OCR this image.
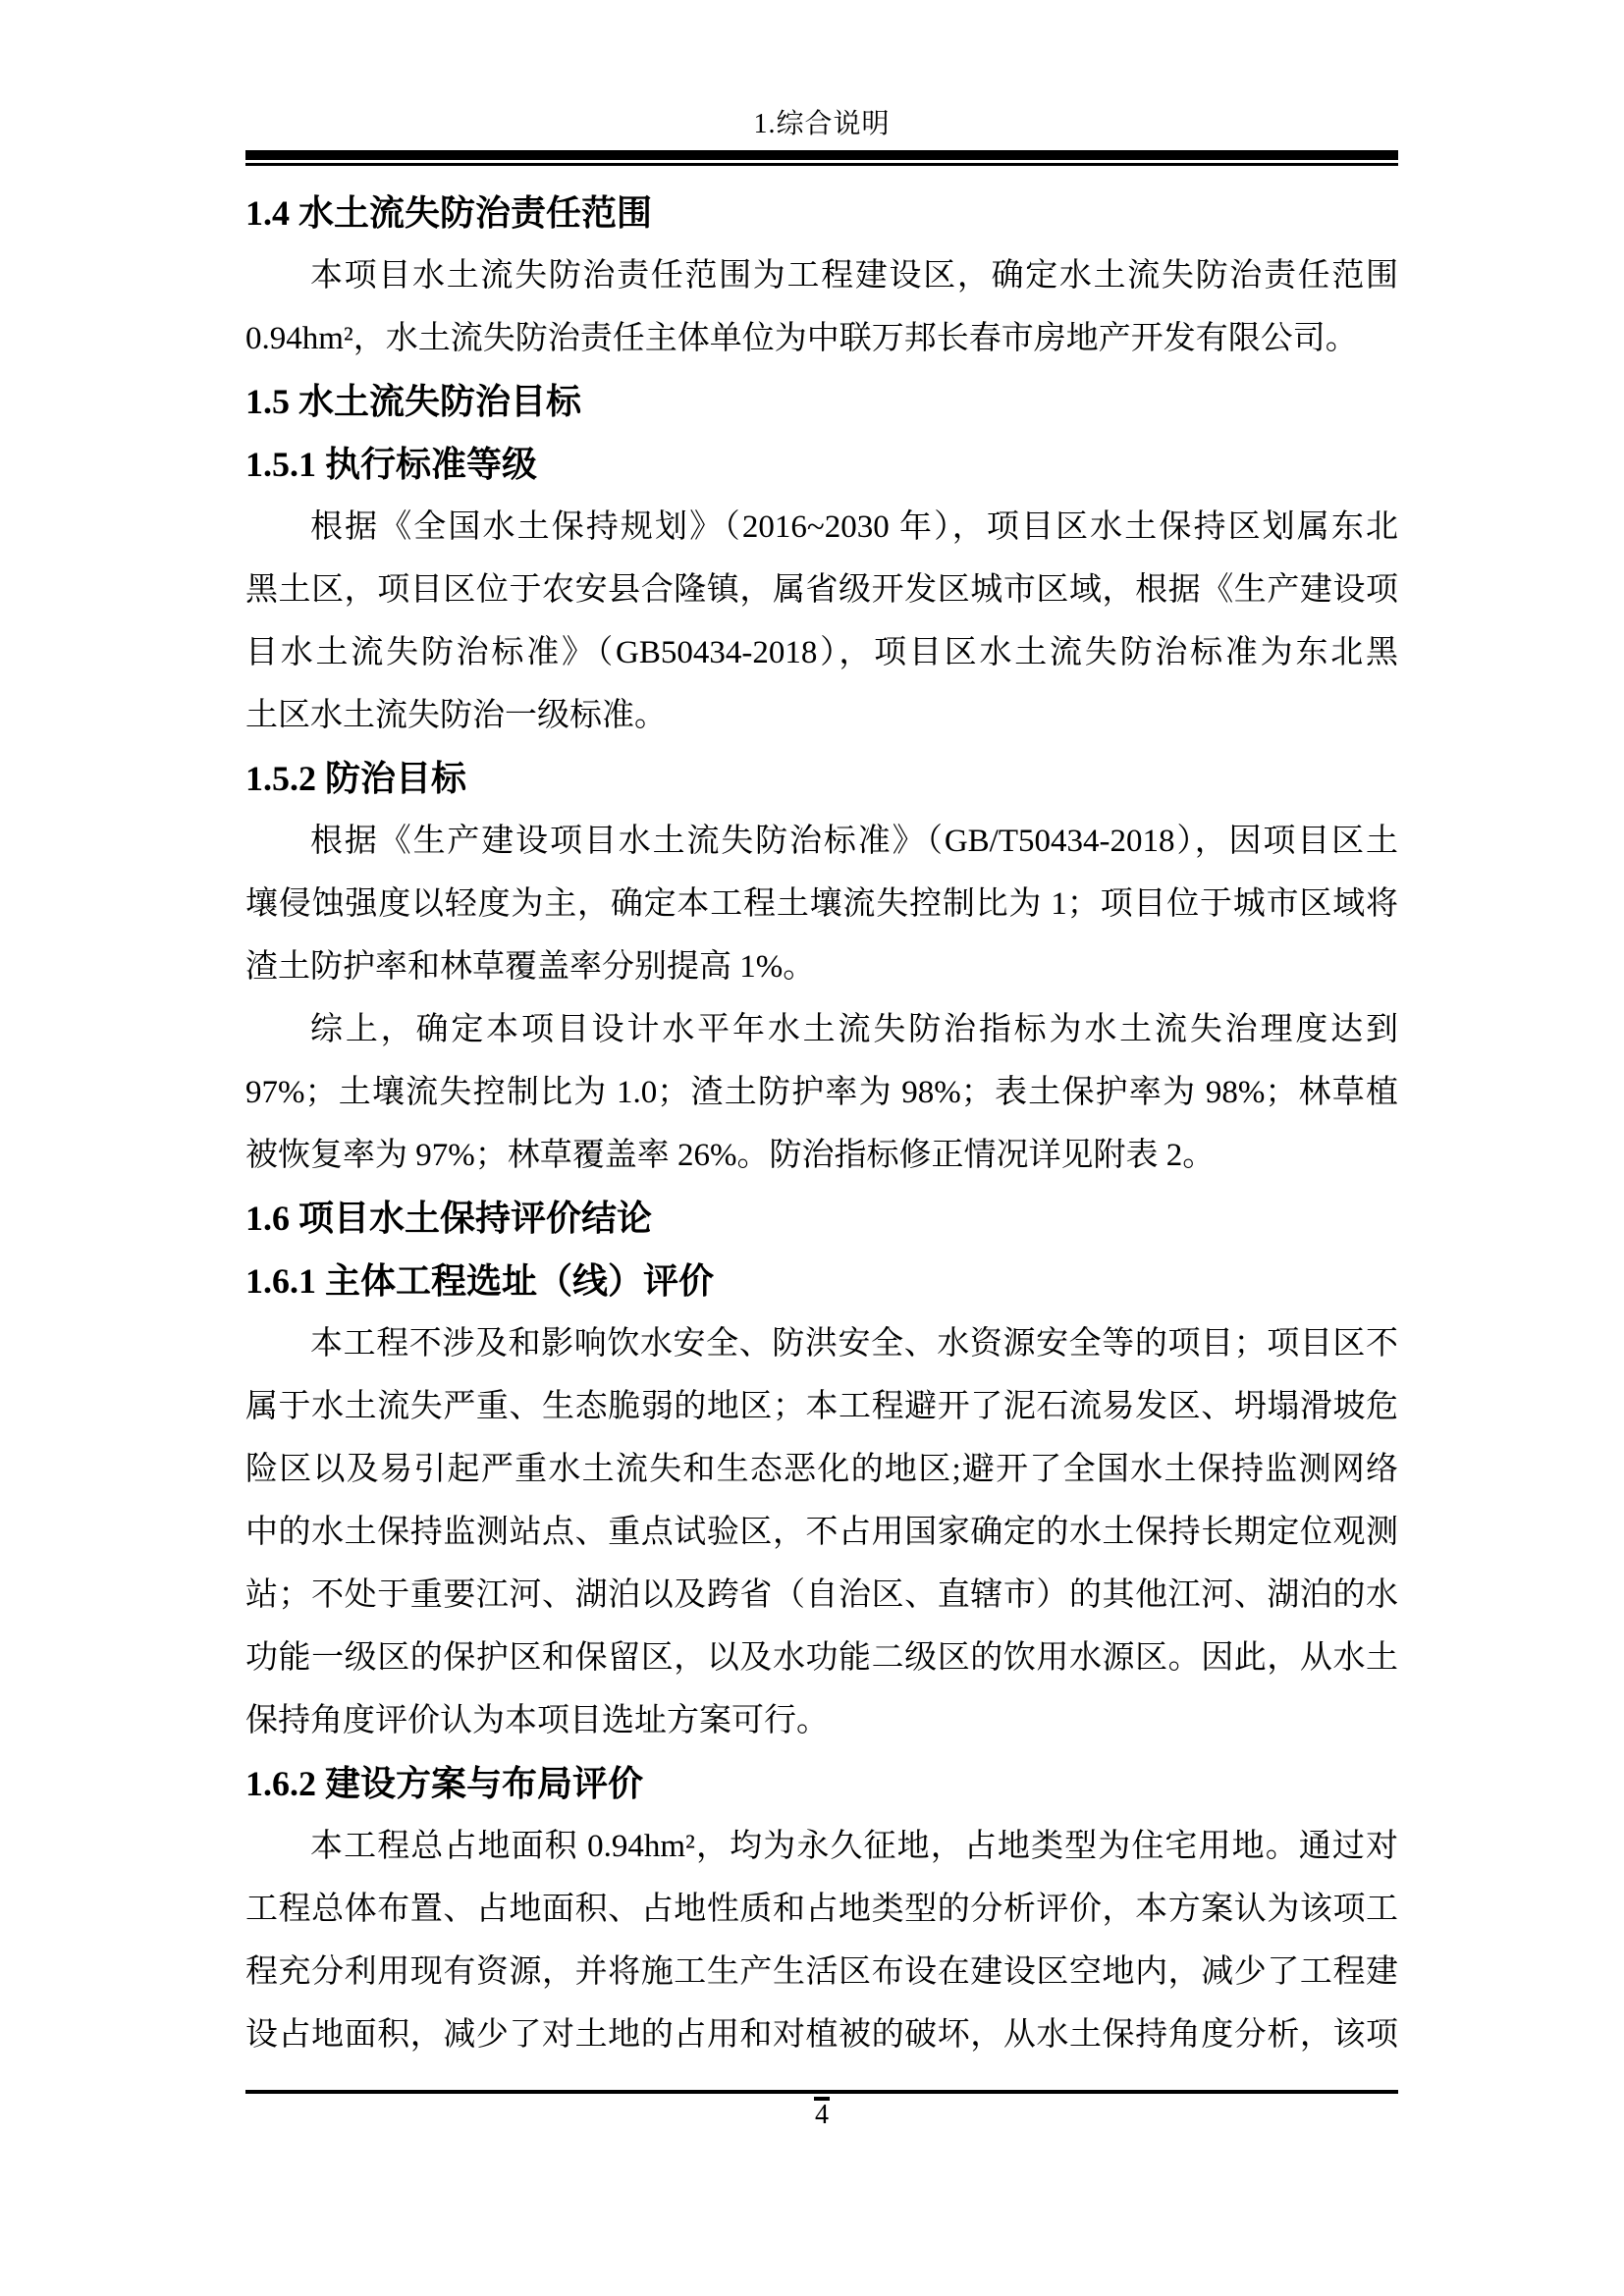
1.综合说明
1.4 水土流失防治责任范围
本项目水土流失防治责任范围为工程建设区，确定水土流失防治责任范围
0.94hm²，水土流失防治责任主体单位为中联万邦长春市房地产开发有限公司。
1.5 水土流失防治目标
1.5.1 执行标准等级
根据《全国水土保持规划》（2016~2030 年），项目区水土保持区划属东北
黑土区，项目区位于农安县合隆镇，属省级开发区城市区域，根据《生产建设项
目水土流失防治标准》（GB50434-2018），项目区水土流失防治标准为东北黑
土区水土流失防治一级标准。
1.5.2 防治目标
根据《生产建设项目水土流失防治标准》（GB/T50434-2018），因项目区土
壤侵蚀强度以轻度为主，确定本工程土壤流失控制比为 1；项目位于城市区域将
渣土防护率和林草覆盖率分别提高 1%。
综上，确定本项目设计水平年水土流失防治指标为水土流失治理度达到
97%；土壤流失控制比为 1.0；渣土防护率为 98%；表土保护率为 98%；林草植
被恢复率为 97%；林草覆盖率 26%。防治指标修正情况详见附表 2。
1.6 项目水土保持评价结论
1.6.1 主体工程选址（线）评价
本工程不涉及和影响饮水安全、防洪安全、水资源安全等的项目；项目区不
属于水土流失严重、生态脆弱的地区；本工程避开了泥石流易发区、坍塌滑坡危
险区以及易引起严重水土流失和生态恶化的地区;避开了全国水土保持监测网络
中的水土保持监测站点、重点试验区，不占用国家确定的水土保持长期定位观测
站；不处于重要江河、湖泊以及跨省（自治区、直辖市）的其他江河、湖泊的水
功能一级区的保护区和保留区，以及水功能二级区的饮用水源区。因此，从水土
保持角度评价认为本项目选址方案可行。
1.6.2 建设方案与布局评价
本工程总占地面积 0.94hm²，均为永久征地，占地类型为住宅用地。通过对
工程总体布置、占地面积、占地性质和占地类型的分析评价，本方案认为该项工
程充分利用现有资源，并将施工生产生活区布设在建设区空地内，减少了工程建
设占地面积，减少了对土地的占用和对植被的破坏，从水土保持角度分析，该项
4
